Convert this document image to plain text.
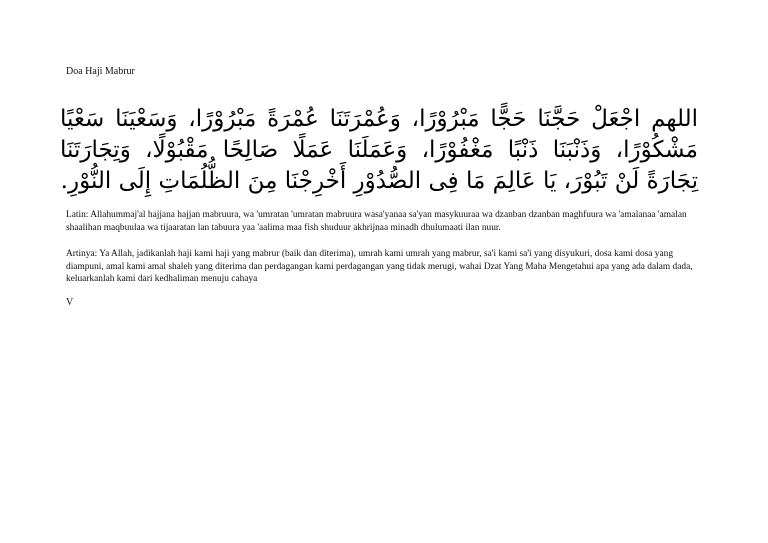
Doa Haji Mabrur
اللهم اجْعَلْ حَجَّنَا حَجًّا مَبْرُوْرًا، وَعُمْرَتَنَا عُمْرَةً مَبْرُوْرًا، وَسَعْيَنَا سَعْيًا مَشْكُوْرًا، وَذَنْبَنَا ذَنْبًا مَغْفُوْرًا، وَعَمَلَنَا عَمَلًا صَالِحًا مَقْبُوْلًا، وَتِجَارَتَنَا تِجَارَةً لَنْ تَبُوْرَ، يَا عَالِمَ مَا فِى الصُّدُوْرِ أَخْرِجْنَا مِنَ الظُّلُمَاتِ إِلَى النُّوْرِ.
Latin: Allahummaj'al hajjana hajjan mabruura, wa 'umratan 'umratan mabruura wasa'yanaa sa'yan masykuuraa wa dzanban dzanban maghfuura wa 'amalanaa 'amalan shaalihan maqbuulaa wa tijaaratan lan tabuura yaa 'aalima maa fish shuduur akhrijnaa minadh dhulumaati ilan nuur.
Artinya: Ya Allah, jadikanlah haji kami haji yang mabrur (baik dan diterima), umrah kami umrah yang mabrur, sa'i kami sa'i yang disyukuri, dosa kami dosa yang diampuni, amal kami amal shaleh yang diterima dan perdagangan kami perdagangan yang tidak merugi, wahai Dzat Yang Maha Mengetahui apa yang ada dalam dada, keluarkanlah kami dari kedhaliman menuju cahaya
V
